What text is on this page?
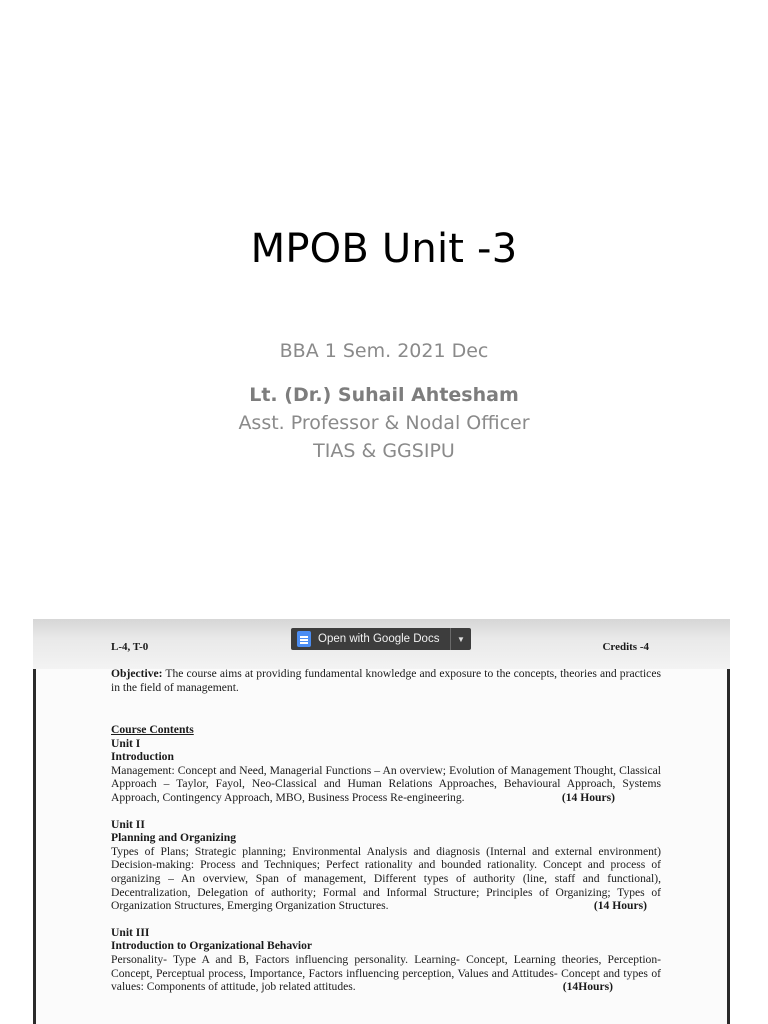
MPOB Unit -3
BBA 1 Sem. 2021 Dec
Lt. (Dr.) Suhail Ahtesham
Asst. Professor & Nodal Officer
TIAS & GGSIPU
Open with Google Docs	▼
L-4, T-0	Credits -4
Objective: The course aims at providing fundamental knowledge and exposure to the concepts, theories and practices in the field of management.
Course Contents
Unit I
Introduction

Management: Concept and Need, Managerial Functions – An overview; Evolution of Management Thought, Classical Approach – Taylor, Fayol, Neo-Classical and Human Relations Approaches, Behavioural Approach, Systems Approach, Contingency Approach, MBO, Business Process Re-engineering.	(14 Hours)
Unit II
Planning and Organizing

Types of Plans; Strategic planning; Environmental Analysis and diagnosis (Internal and external environment) Decision-making: Process and Techniques; Perfect rationality and bounded rationality. Concept and process of organizing – An overview, Span of management, Different types of authority (line, staff and functional), Decentralization, Delegation of authority; Formal and Informal Structure; Principles of Organizing; Types of Organization Structures, Emerging Organization Structures.	(14 Hours)
Unit III
Introduction to Organizational Behavior

Personality- Type A and B, Factors influencing personality. Learning- Concept, Learning theories, Perception- Concept, Perceptual process, Importance, Factors influencing perception, Values and Attitudes- Concept and types of values: Components of attitude, job related attitudes.	(14Hours)
